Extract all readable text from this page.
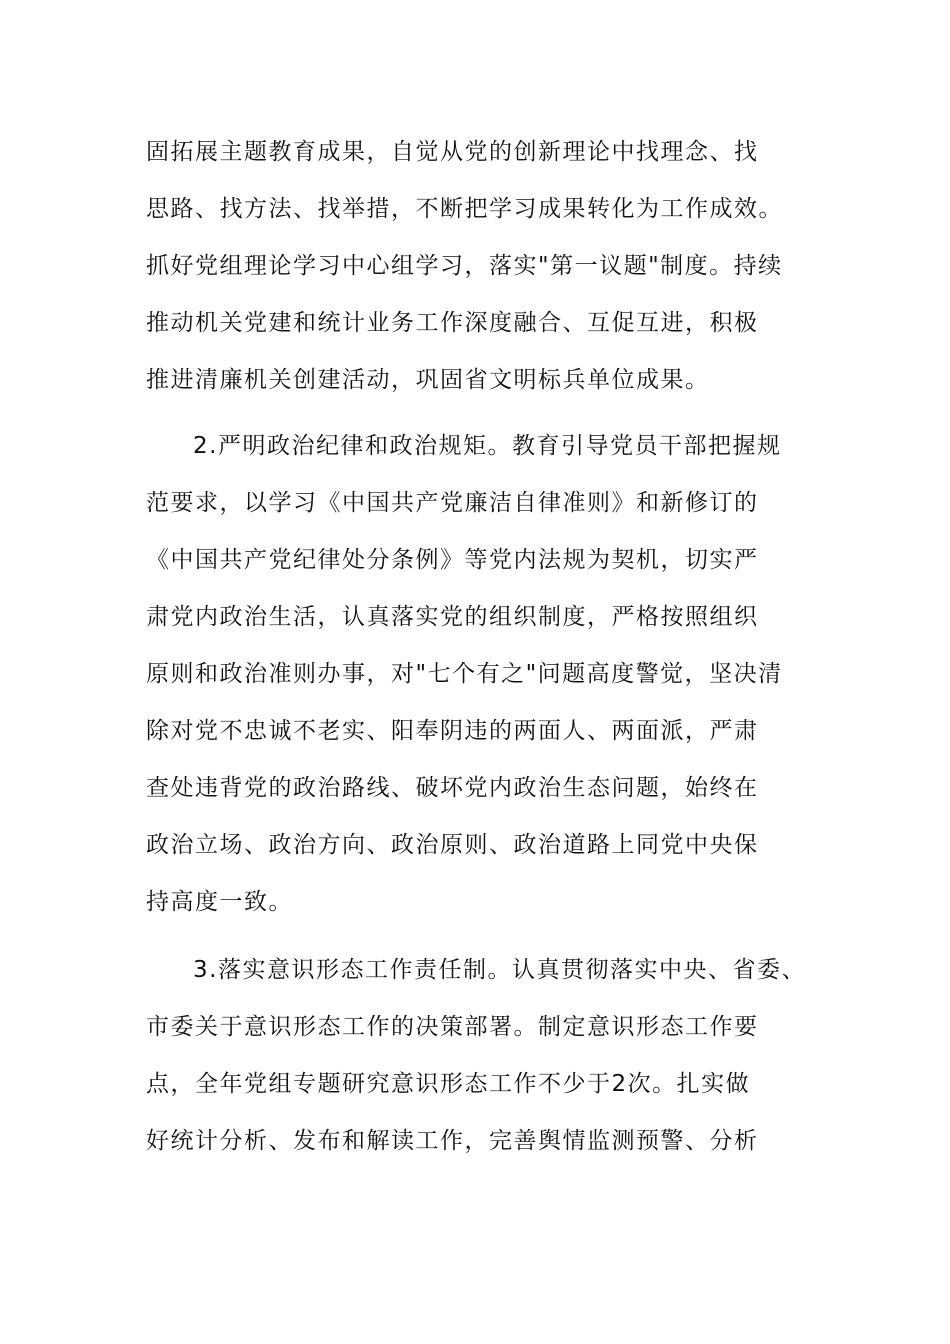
固拓展主题教育成果，自觉从党的创新理论中找理念、找
思路、找方法、找举措，不断把学习成果转化为工作成效。
抓好党组理论学习中心组学习，落实"第一议题"制度。持续
推动机关党建和统计业务工作深度融合、互促互进，积极
推进清廉机关创建活动，巩固省文明标兵单位成果。
2.严明政治纪律和政治规矩。教育引导党员干部把握规
范要求，以学习《中国共产党廉洁自律准则》和新修订的
《中国共产党纪律处分条例》等党内法规为契机，切实严
肃党内政治生活，认真落实党的组织制度，严格按照组织
原则和政治准则办事，对"七个有之"问题高度警觉，坚决清
除对党不忠诚不老实、阳奉阴违的两面人、两面派，严肃
查处违背党的政治路线、破坏党内政治生态问题，始终在
政治立场、政治方向、政治原则、政治道路上同党中央保
持高度一致。
3.落实意识形态工作责任制。认真贯彻落实中央、省委、
市委关于意识形态工作的决策部署。制定意识形态工作要
点，全年党组专题研究意识形态工作不少于2次。扎实做
好统计分析、发布和解读工作，完善舆情监测预警、分析
